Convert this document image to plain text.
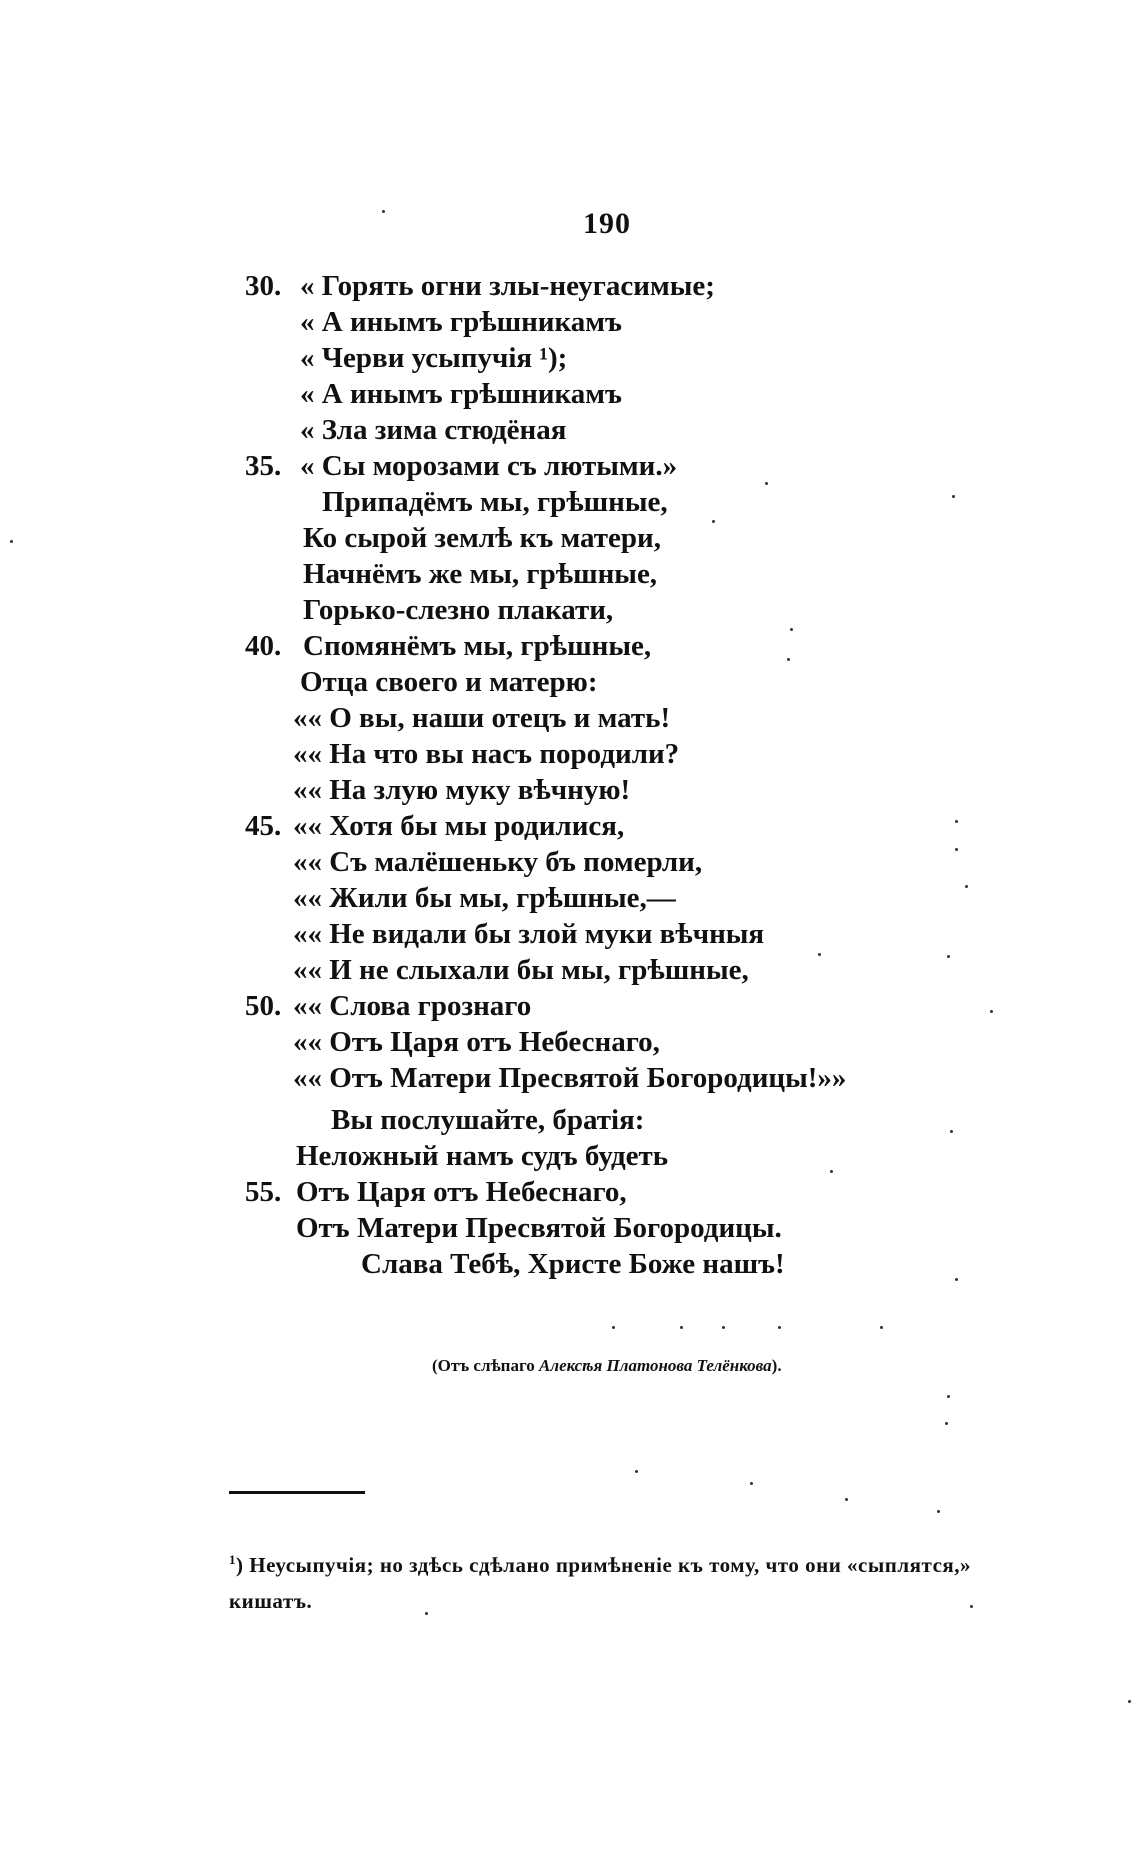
190
30. « Горять огни злы-неугасимые;
« А инымъ грѣшникамъ
« Черви усыпучія ¹);
« А инымъ грѣшникамъ
« Зла зима стюдёная
35. « Сы морозами съ лютыми.»
Припадёмъ мы, грѣшные,
Ко сырой землѣ къ матери,
Начнёмъ же мы, грѣшные,
Горько-слезно плакати,
40. Спомянёмъ мы, грѣшные,
Отца своего и матерю:
«« О вы, наши отецъ и мать!
«« На что вы насъ породили?
«« На злую муку вѣчную!
45. «« Хотя бы мы родилися,
«« Съ малёшеньку бъ померли,
«« Жили бы мы, грѣшные,—
«« Не видали бы злой муки вѣчныя
«« И не слыхали бы мы, грѣшные,
50. «« Слова грознаго
«« Отъ Царя отъ Небеснаго,
«« Отъ Матери Пресвятой Богородицы!»»
Вы послушайте, братія:
Неложный намъ судъ будеть
55. Отъ Царя отъ Небеснаго,
Отъ Матери Пресвятой Богородицы.
Слава Тебѣ, Христе Боже нашъ!
(Отъ слѣпаго Алексѣя Платонова Телёнкова).
$^1$) Неусыпучія; но здѣсь сдѣлано примѣненіе къ тому, что они «сыплятся,» кишатъ.
